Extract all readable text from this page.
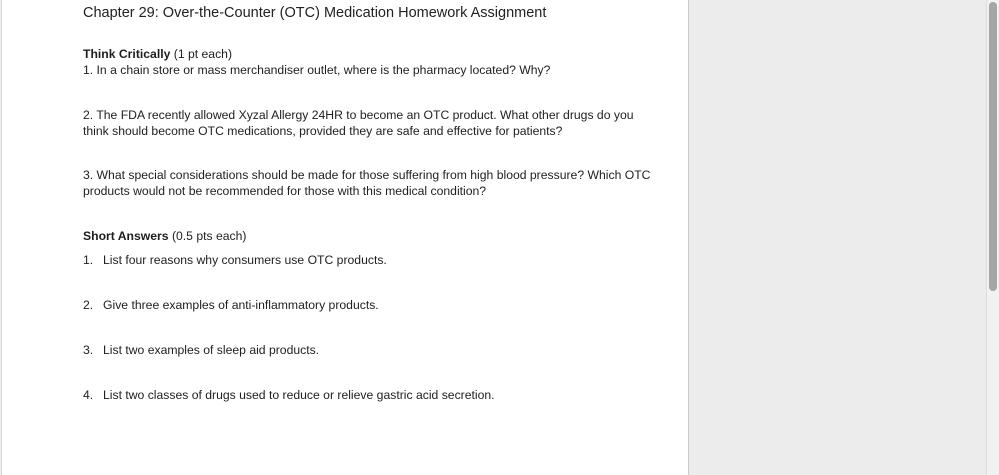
Chapter 29: Over-the-Counter (OTC) Medication Homework Assignment
Think Critically (1 pt each)
1. In a chain store or mass merchandiser outlet, where is the pharmacy located? Why?
2. The FDA recently allowed Xyzal Allergy 24HR to become an OTC product. What other drugs do you
think should become OTC medications, provided they are safe and effective for patients?
3. What special considerations should be made for those suffering from high blood pressure? Which OTC
products would not be recommended for those with this medical condition?
Short Answers (0.5 pts each)
1. List four reasons why consumers use OTC products.
2. Give three examples of anti-inflammatory products.
3. List two examples of sleep aid products.
4. List two classes of drugs used to reduce or relieve gastric acid secretion.
